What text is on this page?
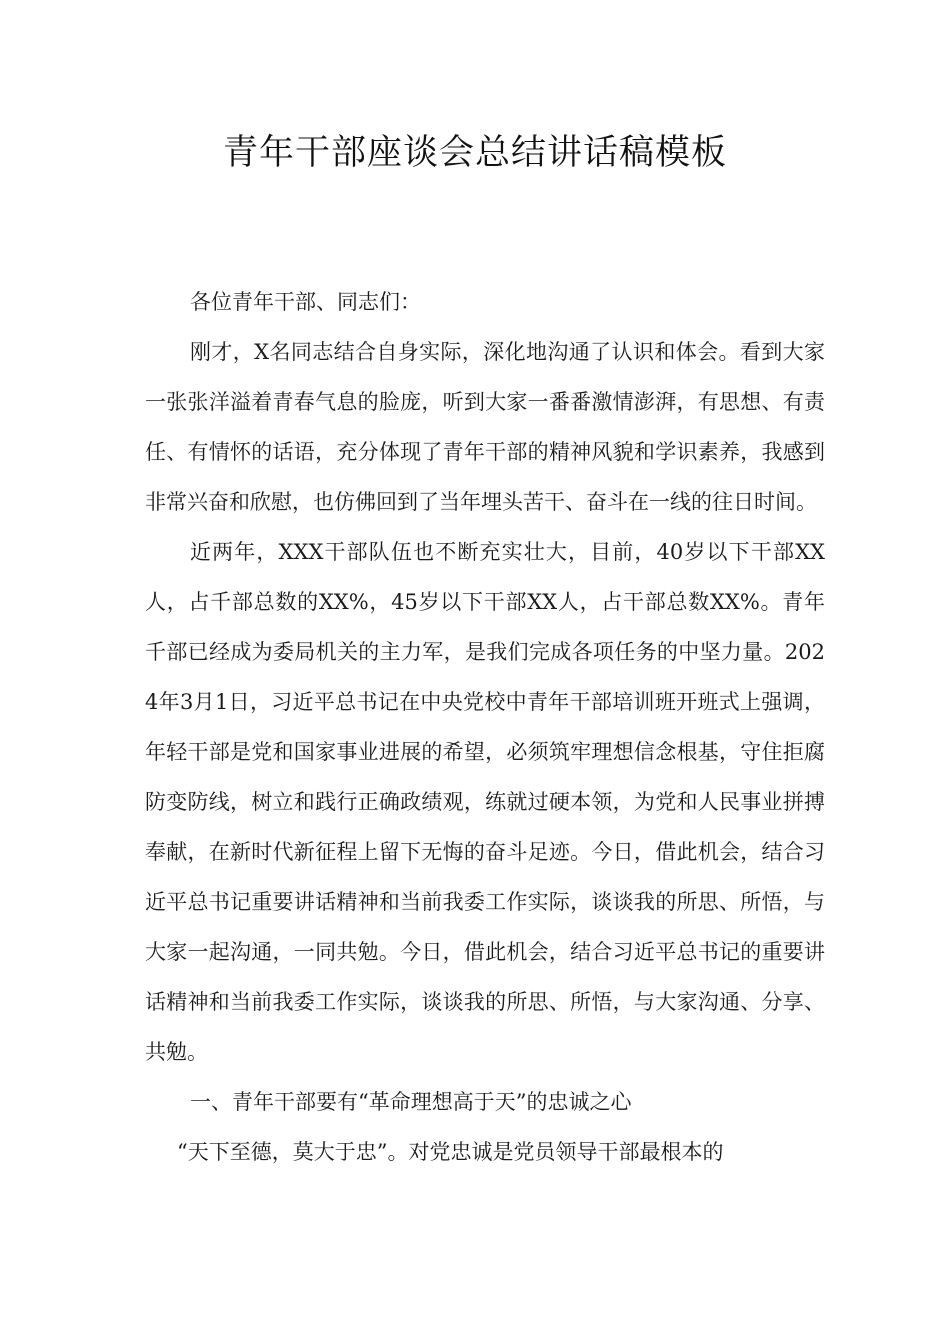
青年干部座谈会总结讲话稿模板

各位青年干部、同志们：

刚才，X名同志结合自身实际，深化地沟通了认识和体会。看到大家一张张洋溢着青春气息的脸庞，听到大家一番番激情澎湃，有思想、有责任、有情怀的话语，充分体现了青年干部的精神风貌和学识素养，我感到非常兴奋和欣慰，也仿佛回到了当年埋头苦干、奋斗在一线的往日时间。

近两年，XXX干部队伍也不断充实壮大，目前，40岁以下干部XX人，占千部总数的XX%，45岁以下干部XX人，占干部总数XX%。青年千部已经成为委局机关的主力军，是我们完成各项任务的中坚力量。2024年3月1日，习近平总书记在中央党校中青年干部培训班开班式上强调，年轻干部是党和国家事业进展的希望，必须筑牢理想信念根基，守住拒腐防变防线，树立和践行正确政绩观，练就过硬本领，为党和人民事业拼搏奉献，在新时代新征程上留下无悔的奋斗足迹。今日，借此机会，结合习近平总书记重要讲话精神和当前我委工作实际，谈谈我的所思、所悟，与大家一起沟通，一同共勉。今日，借此机会，结合习近平总书记的重要讲话精神和当前我委工作实际，谈谈我的所思、所悟，与大家沟通、分享、共勉。

一、青年干部要有“革命理想高于天”的忠诚之心

“天下至德，莫大于忠”。对党忠诚是党员领导干部最根本的
